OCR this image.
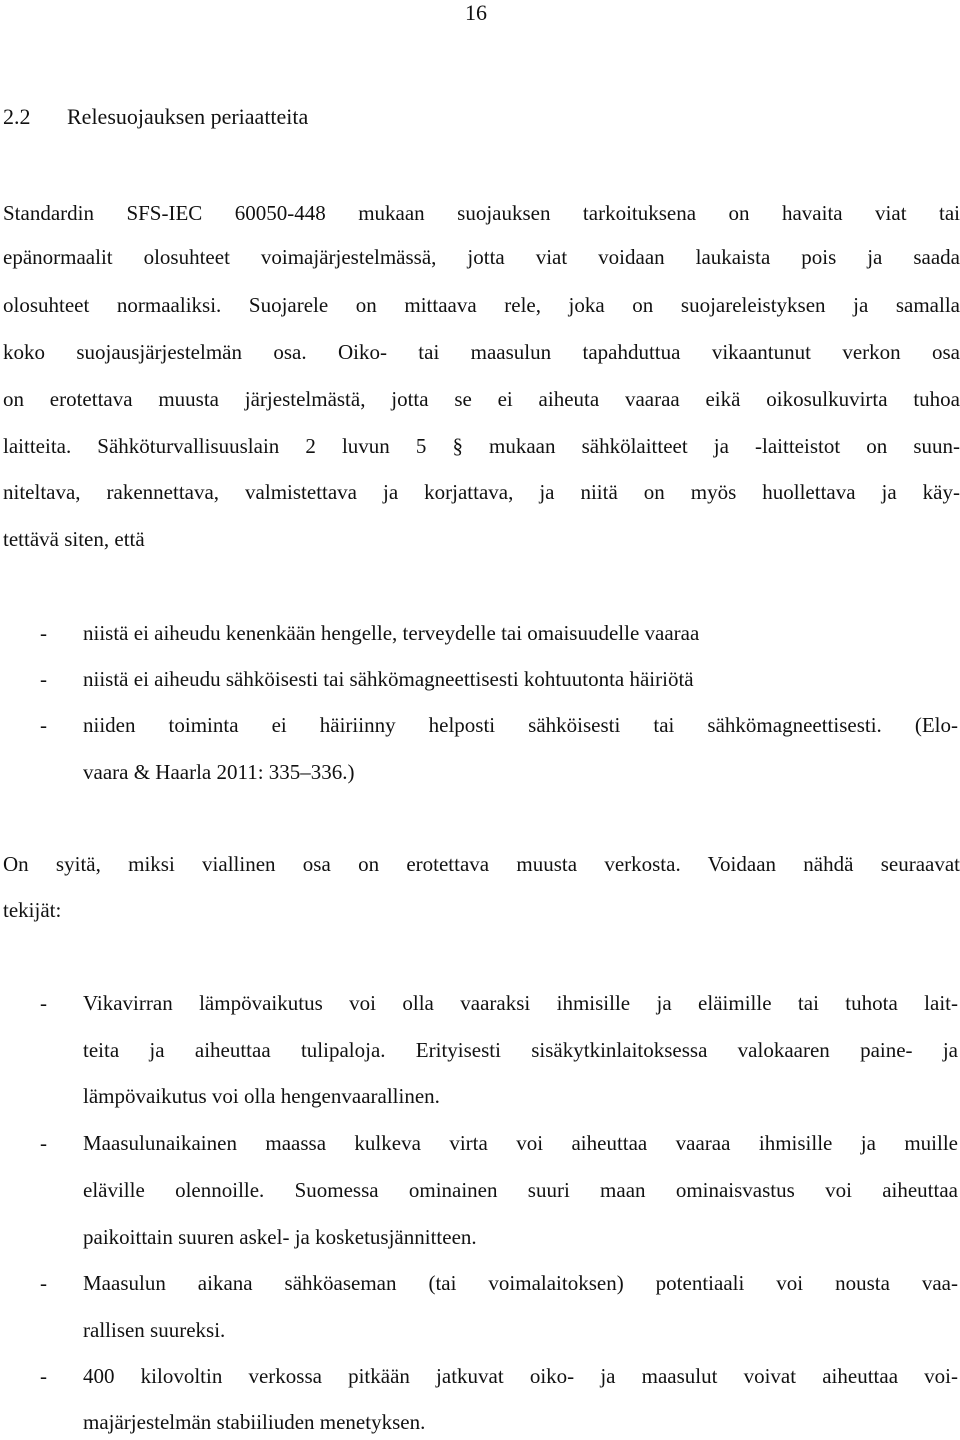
16
2.2 Relesuojauksen periaatteita
Standardin SFS-IEC 60050-448 mukaan suojauksen tarkoituksena on havaita viat tai
epänormaalit olosuhteet voimajärjestelmässä, jotta viat voidaan laukaista pois ja saada
olosuhteet normaaliksi. Suojarele on mittaava rele, joka on suojareleistyksen ja samalla
koko suojausjärjestelmän osa. Oiko- tai maasulun tapahduttua vikaantunut verkon osa
on erotettava muusta järjestelmästä, jotta se ei aiheuta vaaraa eikä oikosulkuvirta tuhoa
laitteita. Sähköturvallisuuslain 2 luvun 5 § mukaan sähkölaitteet ja -laitteistot on suun-
niteltava, rakennettava, valmistettava ja korjattava, ja niitä on myös huollettava ja käy-
tettävä siten, että
- niistä ei aiheudu kenenkään hengelle, terveydelle tai omaisuudelle vaaraa
- niistä ei aiheudu sähköisesti tai sähkömagneettisesti kohtuutonta häiriötä
- niiden toiminta ei häiriinny helposti sähköisesti tai sähkömagneettisesti. (Elo-
vaara & Haarla 2011: 335–336.)
On syitä, miksi viallinen osa on erotettava muusta verkosta. Voidaan nähdä seuraavat
tekijät:
- Vikavirran lämpövaikutus voi olla vaaraksi ihmisille ja eläimille tai tuhota lait-
teita ja aiheuttaa tulipaloja. Erityisesti sisäkytkinlaitoksessa valokaaren paine- ja
lämpövaikutus voi olla hengenvaarallinen.
- Maasulunaikainen maassa kulkeva virta voi aiheuttaa vaaraa ihmisille ja muille
eläville olennoille. Suomessa ominainen suuri maan ominaisvastus voi aiheuttaa
paikoittain suuren askel- ja kosketusjännitteen.
- Maasulun aikana sähköaseman (tai voimalaitoksen) potentiaali voi nousta vaa-
rallisen suureksi.
- 400 kilovoltin verkossa pitkään jatkuvat oiko- ja maasulut voivat aiheuttaa voi-
majärjestelmän stabiiliuden menetyksen.
